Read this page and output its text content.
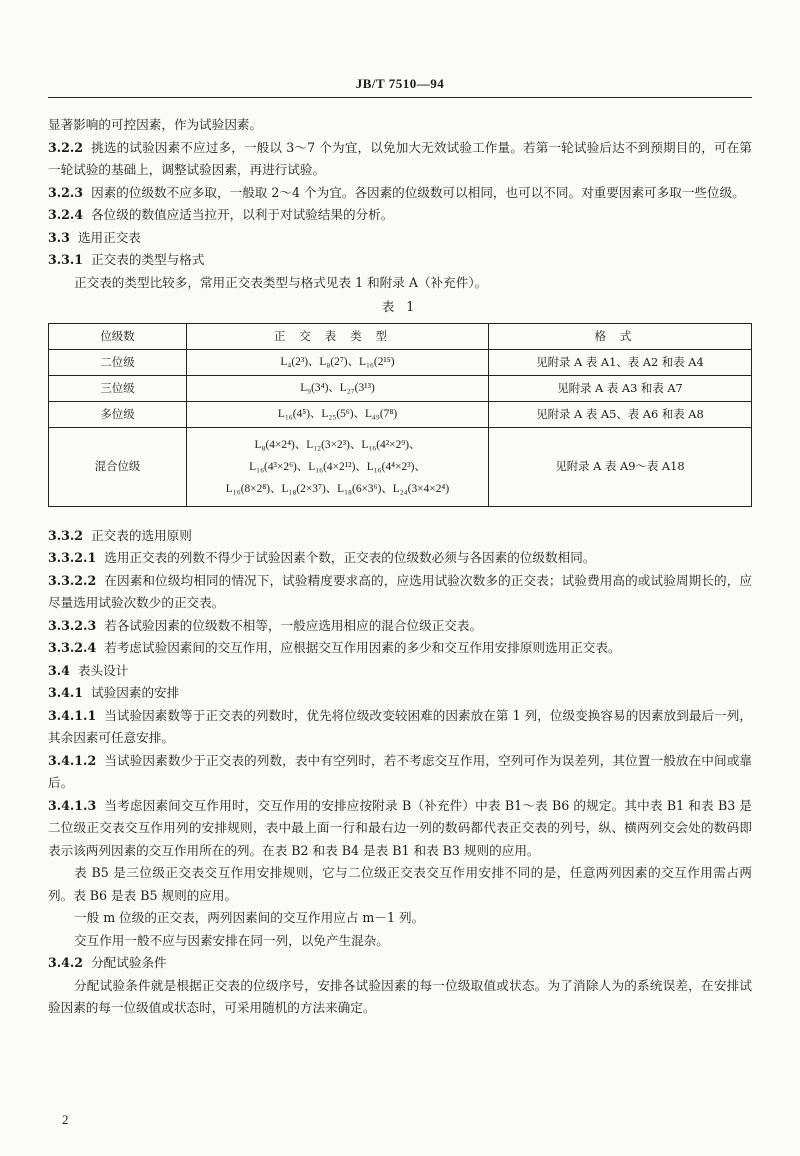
JB/T 7510—94

显著影响的可控因素，作为试验因素。

3.2.2 挑选的试验因素不应过多，一般以 3～7 个为宜，以免加大无效试验工作量。若第一轮试验后达不到预期目的，可在第一轮试验的基础上，调整试验因素，再进行试验。

3.2.3 因素的位级数不应多取，一般取 2～4 个为宜。各因素的位级数可以相同，也可以不同。对重要因素可多取一些位级。

3.2.4 各位级的数值应适当拉开，以利于对试验结果的分析。

3.3 选用正交表

3.3.1 正交表的类型与格式

正交表的类型比较多，常用正交表类型与格式见表 1 和附录 A（补充件）。

表 1
位级数	正交表类型	格式
二位级	L₄(2³)、L₈(2⁷)、L₁₆(2¹⁵)	见附录 A 表 A1、表 A2 和表 A4
三位级	L₉(3⁴)、L₂₇(3¹³)	见附录 A 表 A3 和表 A7
多位级	L₁₆(4⁵)、L₂₅(5⁶)、L₄₉(7⁸)	见附录 A 表 A5、表 A6 和表 A8
混合位级	L₈(4×2⁴)、L₁₂(3×2³)、L₁₆(4²×2⁹)、
L₁₆(4³×2⁶)、L₁₆(4×2¹²)、L₁₆(4⁴×2³)、
L₁₆(8×2⁸)、L₁₈(2×3⁷)、L₁₈(6×3⁶)、L₂₄(3×4×2⁴)	见附录 A 表 A9～表 A18

3.3.2 正交表的选用原则

3.3.2.1 选用正交表的列数不得少于试验因素个数，正交表的位级数必须与各因素的位级数相同。

3.3.2.2 在因素和位级均相同的情况下，试验精度要求高的，应选用试验次数多的正交表；试验费用高的或试验周期长的，应尽量选用试验次数少的正交表。

3.3.2.3 若各试验因素的位级数不相等，一般应选用相应的混合位级正交表。

3.3.2.4 若考虑试验因素间的交互作用，应根据交互作用因素的多少和交互作用安排原则选用正交表。

3.4 表头设计

3.4.1 试验因素的安排

3.4.1.1 当试验因素数等于正交表的列数时，优先将位级改变较困难的因素放在第 1 列，位级变换容易的因素放到最后一列，其余因素可任意安排。

3.4.1.2 当试验因素数少于正交表的列数，表中有空列时，若不考虑交互作用，空列可作为误差列，其位置一般放在中间或靠后。

3.4.1.3 当考虑因素间交互作用时，交互作用的安排应按附录 B（补充件）中表 B1～表 B6 的规定。其中表 B1 和表 B3 是二位级正交表交互作用列的安排规则，表中最上面一行和最右边一列的数码都代表正交表的列号，纵、横两列交会处的数码即表示该两列因素的交互作用所在的列。在表 B2 和表 B4 是表 B1 和表 B3 规则的应用。

表 B5 是三位级正交表交互作用安排规则，它与二位级正交表交互作用安排不同的是，任意两列因素的交互作用需占两列。表 B6 是表 B5 规则的应用。

一般 m 位级的正交表，两列因素间的交互作用应占 m－1 列。

交互作用一般不应与因素安排在同一列，以免产生混杂。

3.4.2 分配试验条件

分配试验条件就是根据正交表的位级序号，安排各试验因素的每一位级取值或状态。为了消除人为的系统误差，在安排试验因素的每一位级值或状态时，可采用随机的方法来确定。

2
